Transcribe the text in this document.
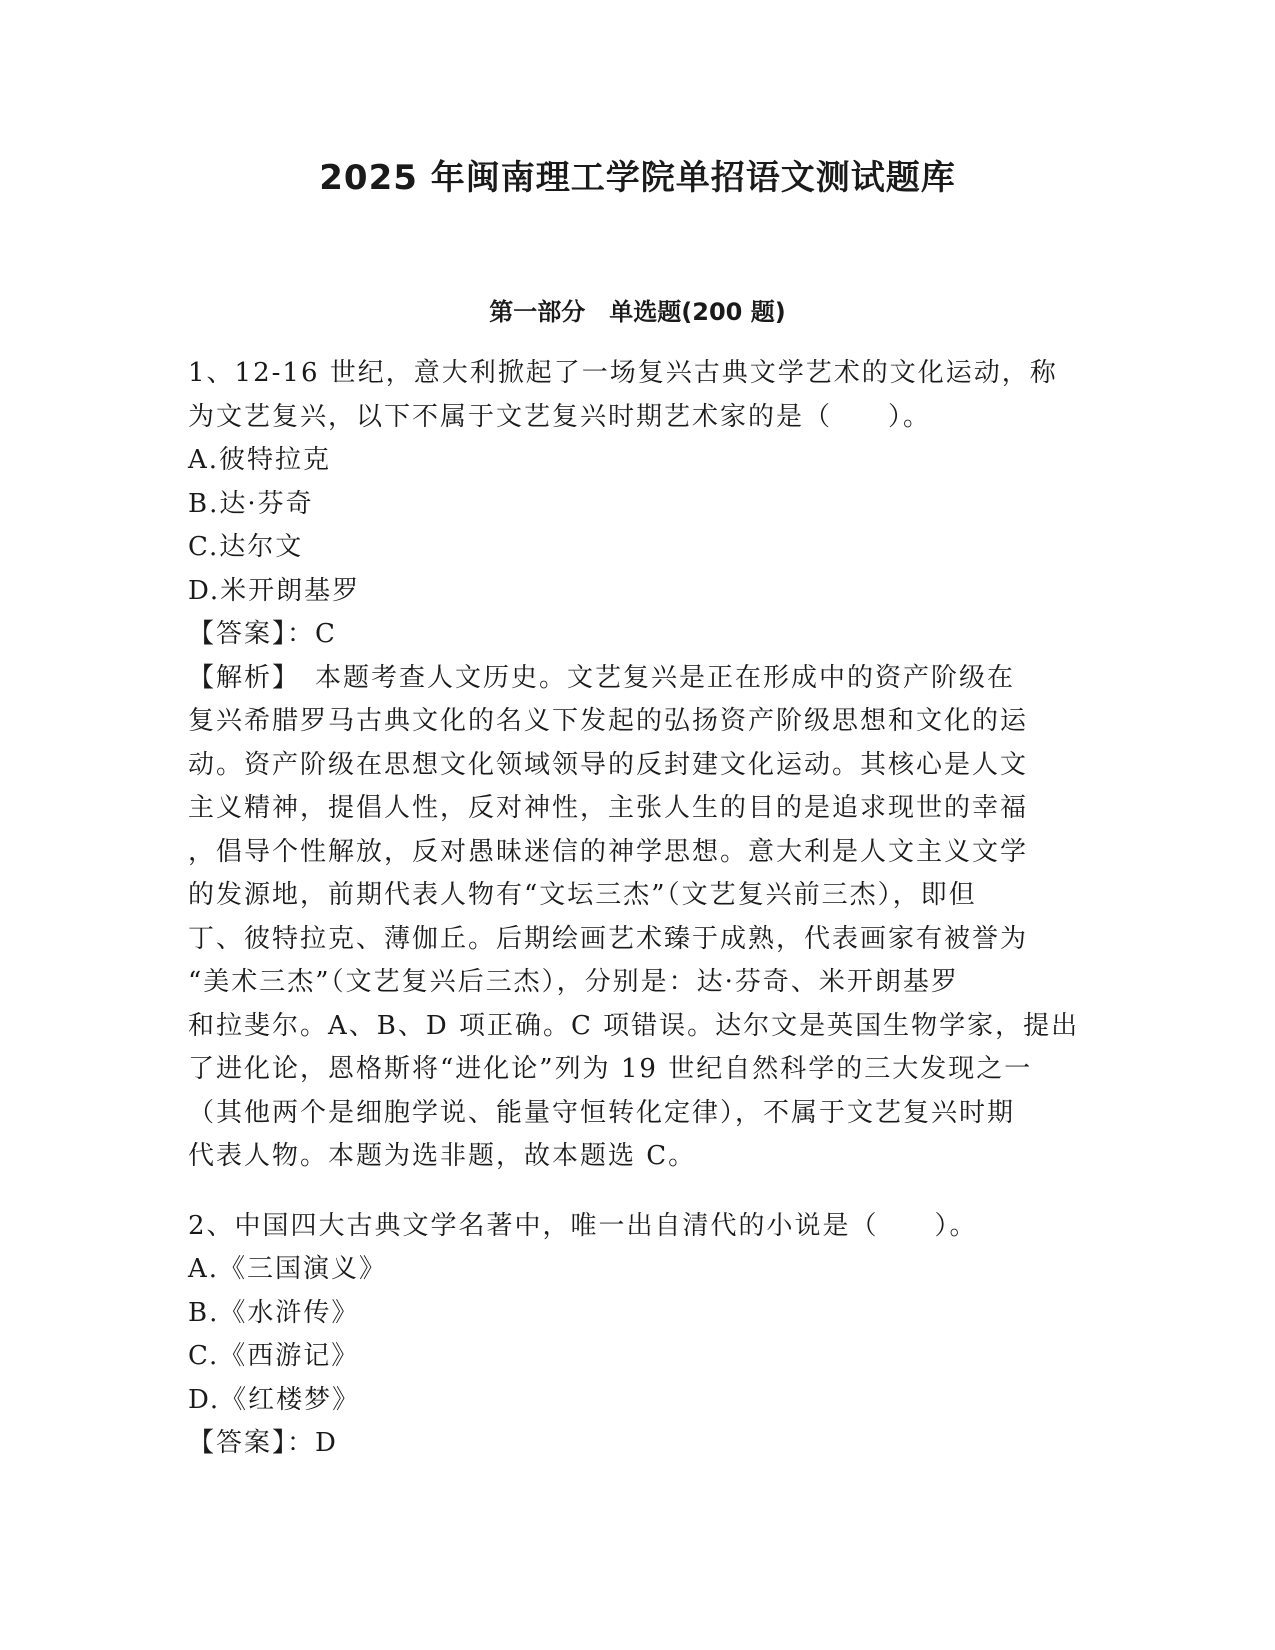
2025 年闽南理工学院单招语文测试题库
第一部分　单选题(200 题)
1、12-16 世纪，意大利掀起了一场复兴古典文学艺术的文化运动，称
为文艺复兴，以下不属于文艺复兴时期艺术家的是（　　）。
A.彼特拉克
B.达·芬奇
C.达尔文
D.米开朗基罗
【答案】：C
【解析】　本题考查人文历史。文艺复兴是正在形成中的资产阶级在
复兴希腊罗马古典文化的名义下发起的弘扬资产阶级思想和文化的运
动。资产阶级在思想文化领域领导的反封建文化运动。其核心是人文
主义精神，提倡人性，反对神性，主张人生的目的是追求现世的幸福
，倡导个性解放，反对愚昧迷信的神学思想。意大利是人文主义文学
的发源地，前期代表人物有“文坛三杰”（文艺复兴前三杰），即但
丁、彼特拉克、薄伽丘。后期绘画艺术臻于成熟，代表画家有被誉为
“美术三杰”（文艺复兴后三杰），分别是：达·芬奇、米开朗基罗
和拉斐尔。A、B、D 项正确。C 项错误。达尔文是英国生物学家，提出
了进化论，恩格斯将“进化论”列为 19 世纪自然科学的三大发现之一
（其他两个是细胞学说、能量守恒转化定律），不属于文艺复兴时期
代表人物。本题为选非题，故本题选 C。
2、中国四大古典文学名著中，唯一出自清代的小说是（　　）。
A.《三国演义》
B.《水浒传》
C.《西游记》
D.《红楼梦》
【答案】：D
